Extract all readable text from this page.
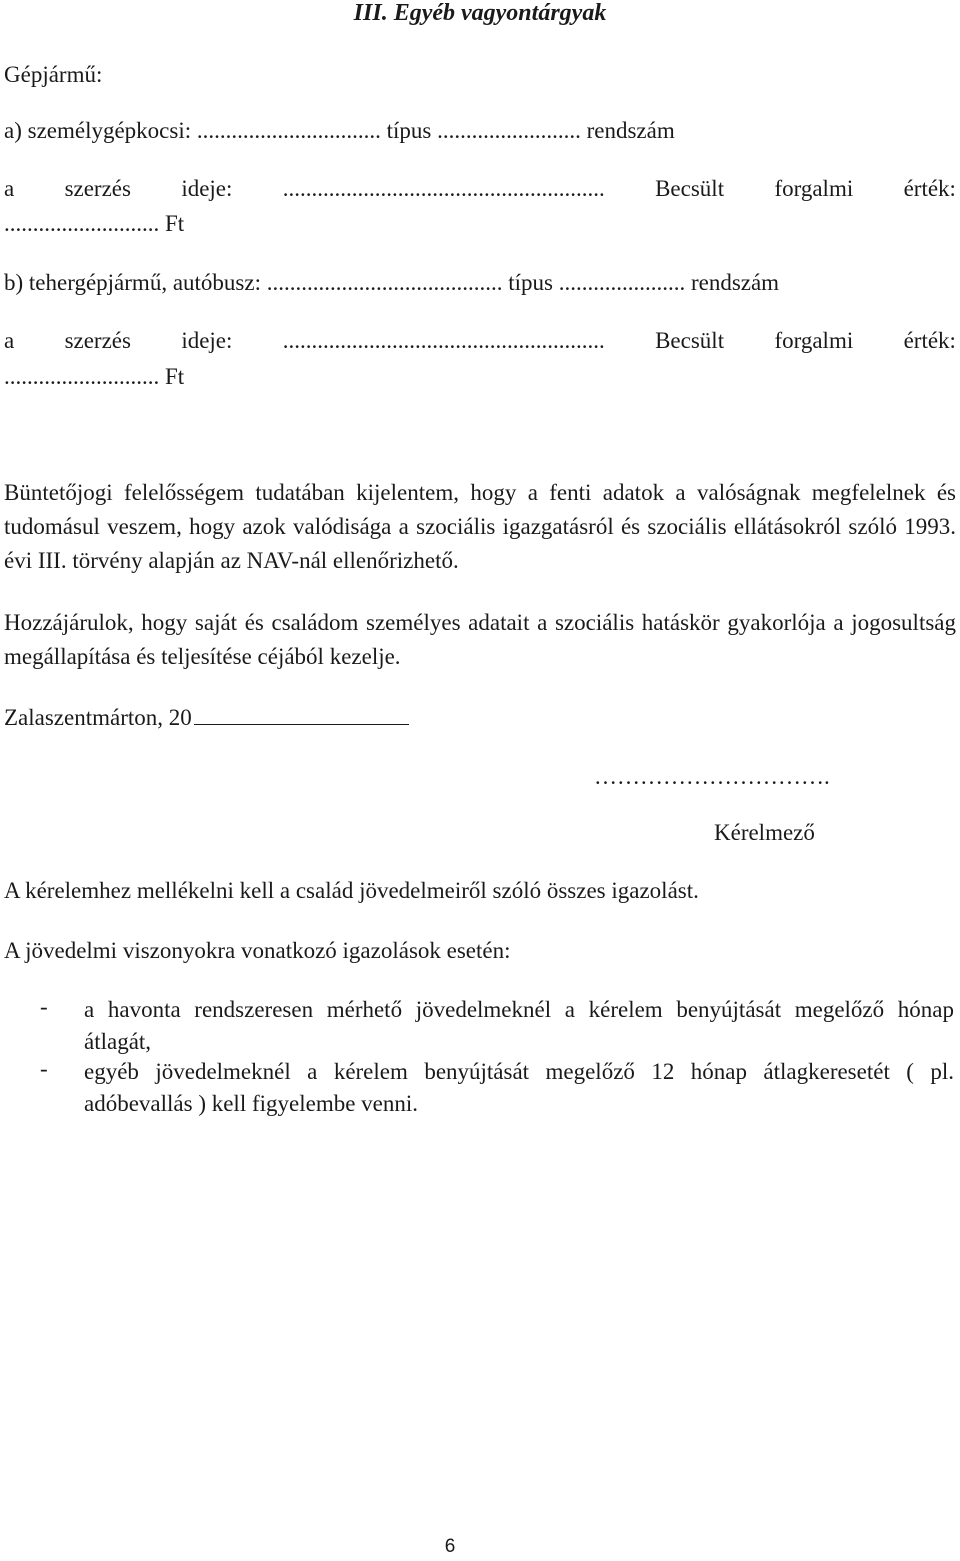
III. Egyéb vagyontárgyak
Gépjármű:
a) személygépkocsi: ................................ típus ......................... rendszám
a szerzés ideje: ........................................................ Becsült forgalmi érték:
........................... Ft
b) tehergépjármű, autóbusz: ......................................... típus ...................... rendszám
a szerzés ideje: ........................................................ Becsült forgalmi érték:
........................... Ft
Büntetőjogi felelősségem tudatában kijelentem, hogy a fenti adatok a valóságnak megfelelnek és tudomásul veszem, hogy azok valódisága a szociális igazgatásról és szociális ellátásokról szóló 1993. évi III. törvény alapján az NAV-nál ellenőrizhető.
Hozzájárulok, hogy saját és családom személyes adatait a szociális hatáskör gyakorlója a jogosultság megállapítása és teljesítése céjából kezelje.
Zalaszentmárton, 20
………………………….
Kérelmező
A kérelemhez mellékelni kell a család jövedelmeiről szóló összes igazolást.
A jövedelmi viszonyokra vonatkozó igazolások esetén:
- a havonta rendszeresen mérhető jövedelmeknél a kérelem benyújtását megelőző hónap átlagát,
- egyéb jövedelmeknél a kérelem benyújtását megelőző 12 hónap átlagkeresetét ( pl. adóbevallás ) kell figyelembe venni.
6
